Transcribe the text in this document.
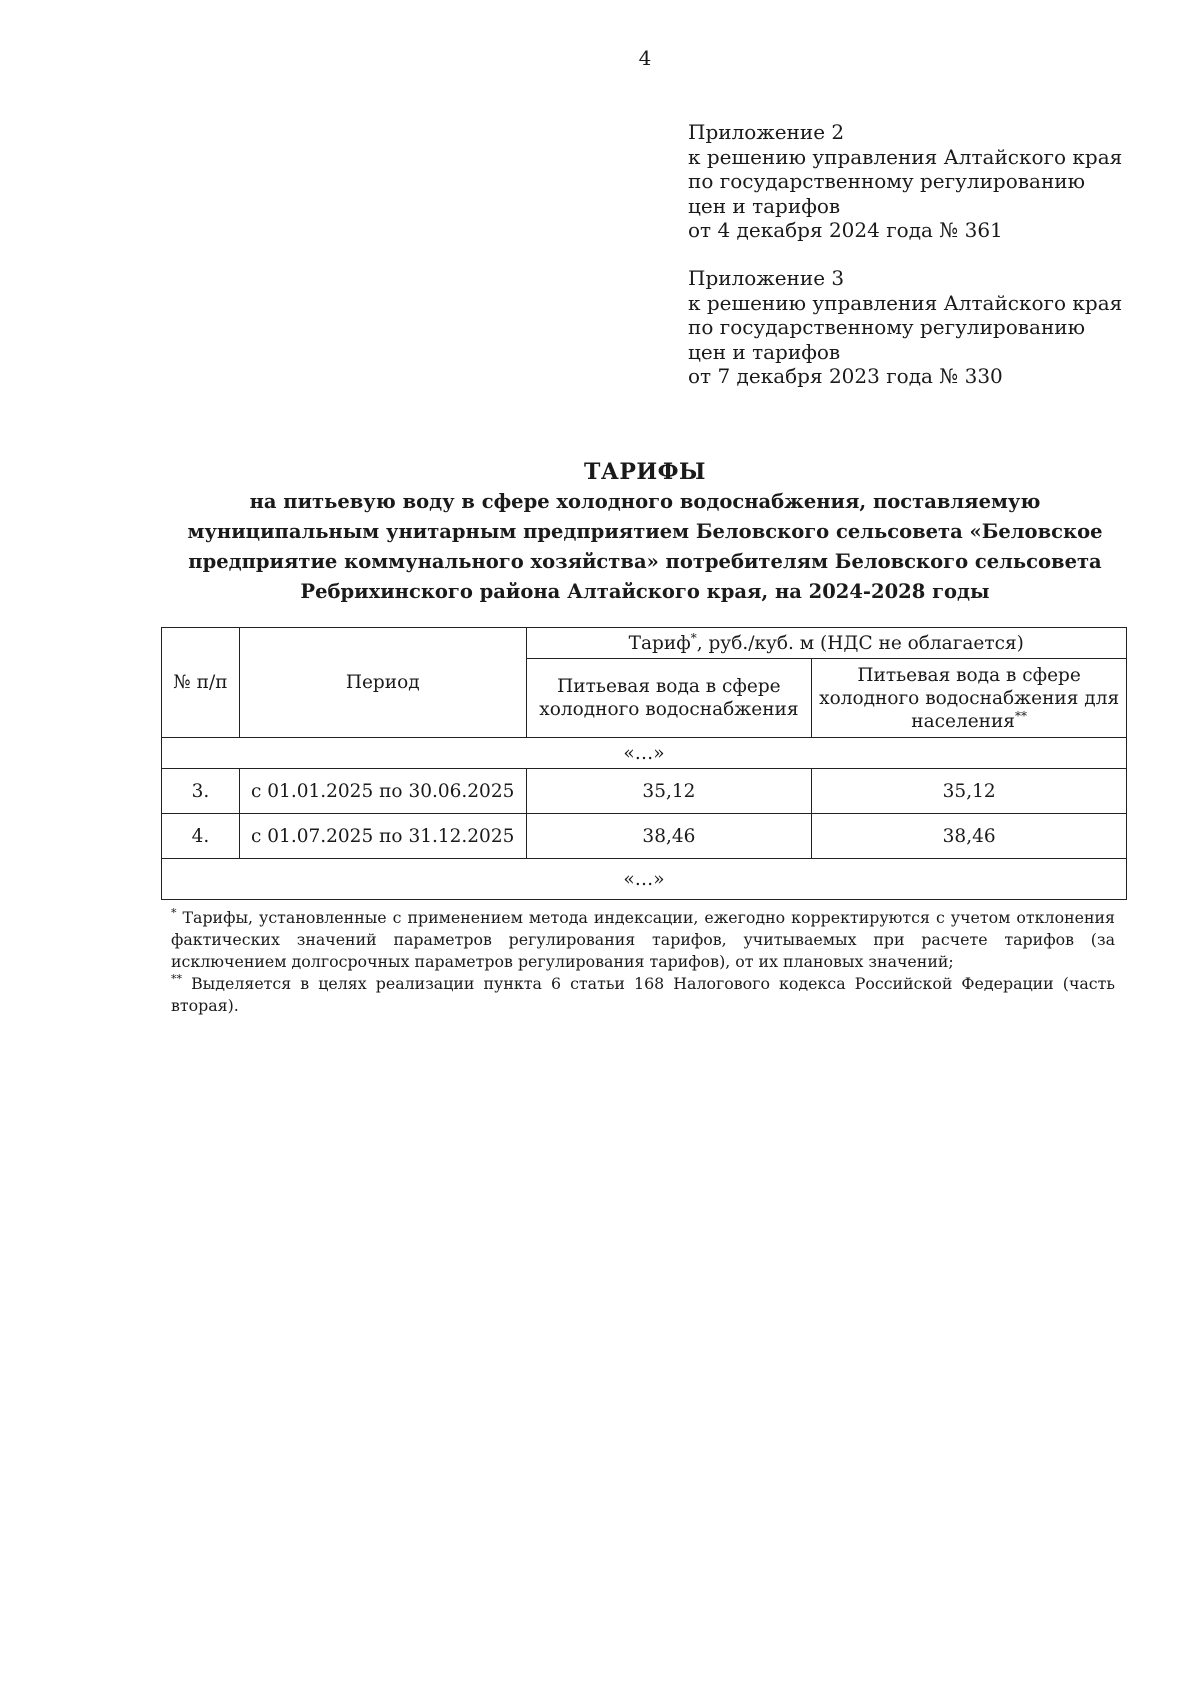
4
Приложение 2
к решению управления Алтайского края
по государственному регулированию
цен и тарифов
от 4 декабря 2024 года № 361
Приложение 3
к решению управления Алтайского края
по государственному регулированию
цен и тарифов
от 7 декабря 2023 года № 330
ТАРИФЫ
на питьевую воду в сфере холодного водоснабжения, поставляемую
муниципальным унитарным предприятием Беловского сельсовета «Беловское
предприятие коммунального хозяйства» потребителям Беловского сельсовета
Ребрихинского района Алтайского края, на 2024-2028 годы
№ п/п	Период	Тариф*, руб./куб. м (НДС не облагается)	
		Питьевая вода в сфере холодного водоснабжения	Питьевая вода в сфере холодного водоснабжения для населения**
«…»			
3.	с 01.01.2025 по 30.06.2025	35,12	35,12
4.	с 01.07.2025 по 31.12.2025	38,46	38,46
«…»			

* Тарифы, установленные с применением метода индексации, ежегодно корректируются с учетом отклонения фактических значений параметров регулирования тарифов, учитываемых при расчете тарифов (за исключением долгосрочных параметров регулирования тарифов), от их плановых значений;

** Выделяется в целях реализации пункта 6 статьи 168 Налогового кодекса Российской Федерации (часть вторая).
